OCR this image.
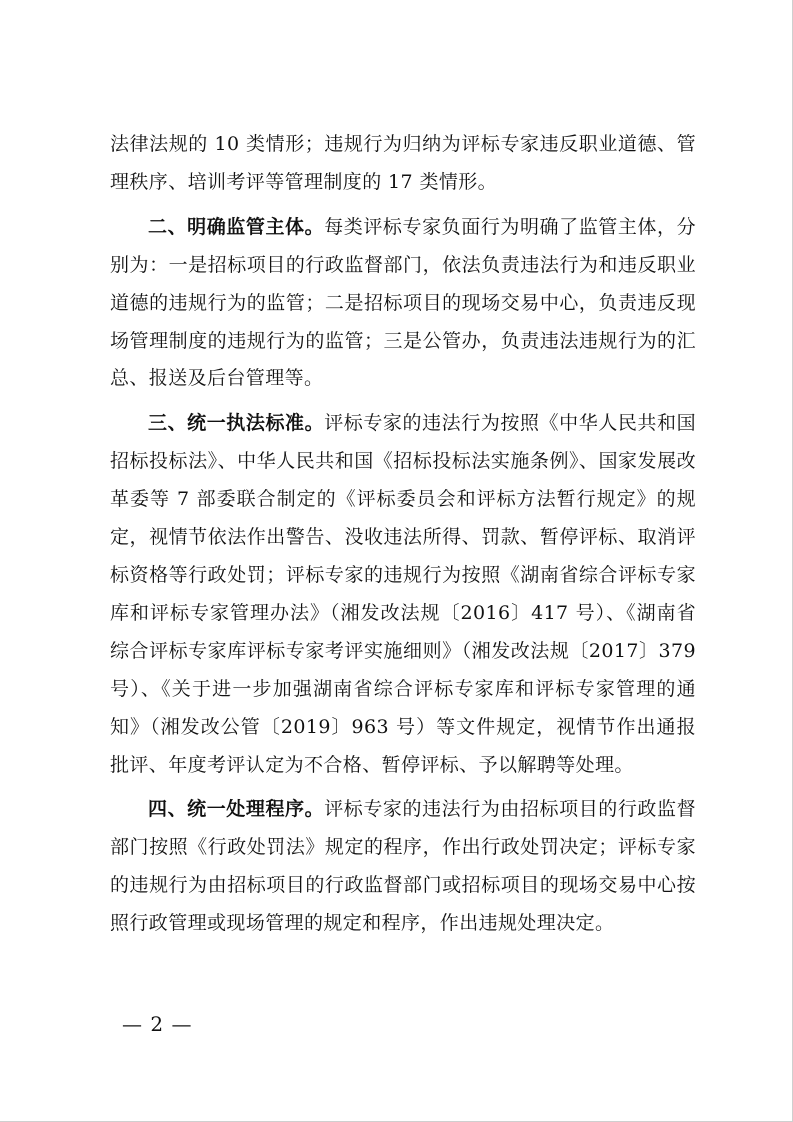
法律法规的 10 类情形；违规行为归纳为评标专家违反职业道德、管理秩序、培训考评等管理制度的 17 类情形。

二、明确监管主体。每类评标专家负面行为明确了监管主体，分别为：一是招标项目的行政监督部门，依法负责违法行为和违反职业道德的违规行为的监管；二是招标项目的现场交易中心，负责违反现场管理制度的违规行为的监管；三是公管办，负责违法违规行为的汇总、报送及后台管理等。

三、统一执法标准。评标专家的违法行为按照《中华人民共和国招标投标法》、中华人民共和国《招标投标法实施条例》、国家发展改革委等 7 部委联合制定的《评标委员会和评标方法暂行规定》的规定，视情节依法作出警告、没收违法所得、罚款、暂停评标、取消评标资格等行政处罚；评标专家的违规行为按照《湖南省综合评标专家库和评标专家管理办法》（湘发改法规〔2016〕417 号）、《湖南省综合评标专家库评标专家考评实施细则》（湘发改法规〔2017〕379 号）、《关于进一步加强湖南省综合评标专家库和评标专家管理的通知》（湘发改公管〔2019〕963 号）等文件规定，视情节作出通报批评、年度考评认定为不合格、暂停评标、予以解聘等处理。

四、统一处理程序。评标专家的违法行为由招标项目的行政监督部门按照《行政处罚法》规定的程序，作出行政处罚决定；评标专家的违规行为由招标项目的行政监督部门或招标项目的现场交易中心按照行政管理或现场管理的规定和程序，作出违规处理决定。

— 2 —
